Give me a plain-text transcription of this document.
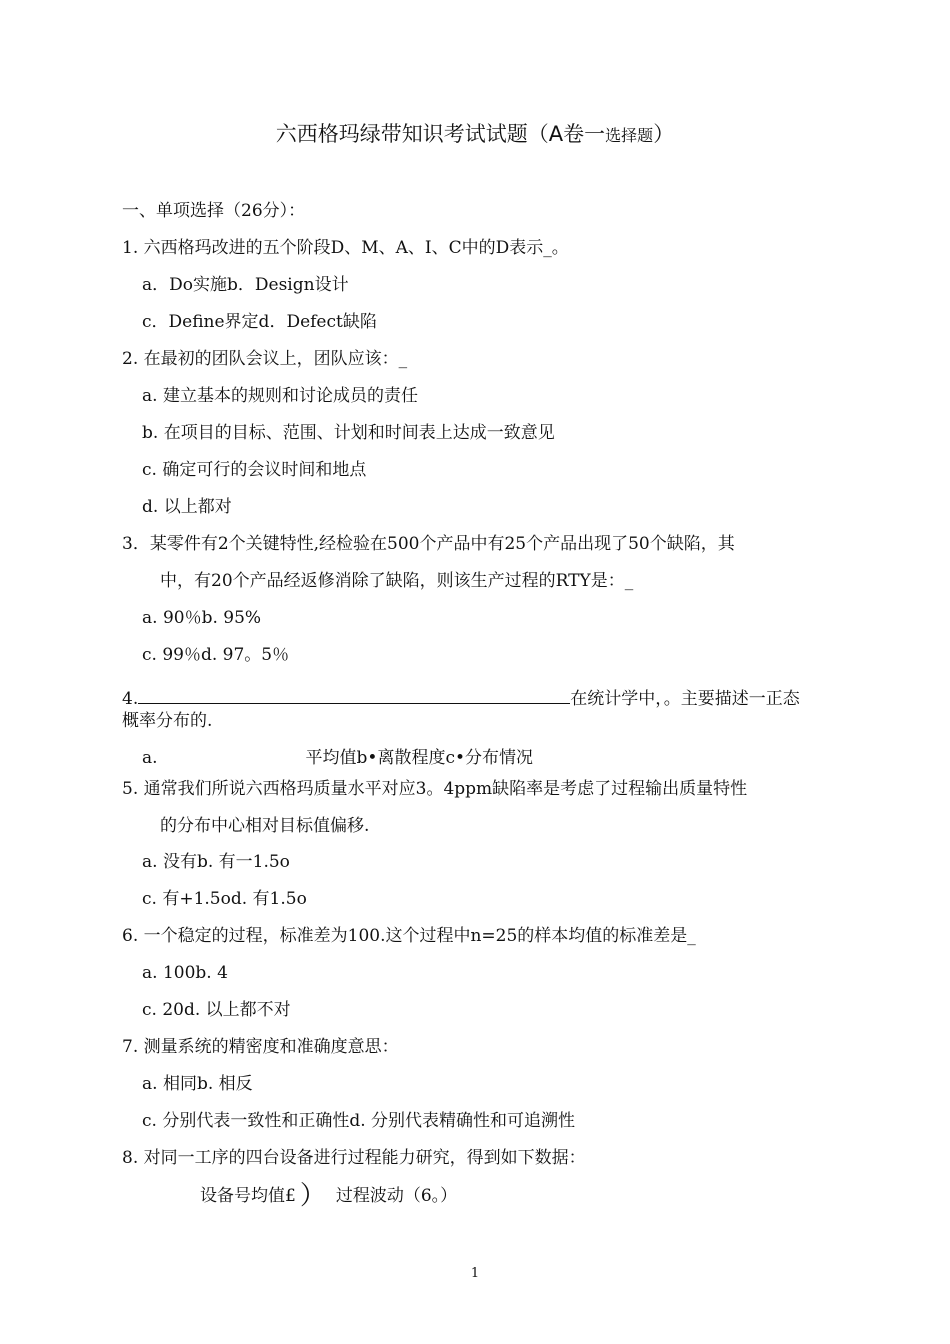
六西格玛绿带知识考试试题（A卷一选择题）
一、单项选择（26分）：
1. 六西格玛改进的五个阶段D、M、A、I、C中的D表示_。
a．Do实施b．Design设计
c．Define界定d．Defect缺陷
2. 在最初的团队会议上，团队应该：_
a. 建立基本的规则和讨论成员的责任
b. 在项目的目标、范围、计划和时间表上达成一致意见
c. 确定可行的会议时间和地点
d. 以上都对
3．某零件有2个关键特性,经检验在500个产品中有25个产品出现了50个缺陷，其
中，有20个产品经返修消除了缺陷，则该生产过程的RTY是：_
a. 90％b. 95%
c. 99％d. 97。5％
4.	在统计学中，。主要描述一正态
概率分布的.
a.	平均值b•离散程度c•分布情况
5. 通常我们所说六西格玛质量水平对应3。4ppm缺陷率是考虑了过程输出质量特性
的分布中心相对目标值偏移.
a. 没有b. 有一1.5o
c. 有+1.5od. 有1.5o
6. 一个稳定的过程，标准差为100.这个过程中n=25的样本均值的标准差是_
a. 100b. 4
c. 20d. 以上都不对
7. 测量系统的精密度和准确度意思：
a. 相同b. 相反
c. 分别代表一致性和正确性d. 分别代表精确性和可追溯性
8. 对同一工序的四台设备进行过程能力研究，得到如下数据：
设备号均值£ ） 过程波动（6。）
1
